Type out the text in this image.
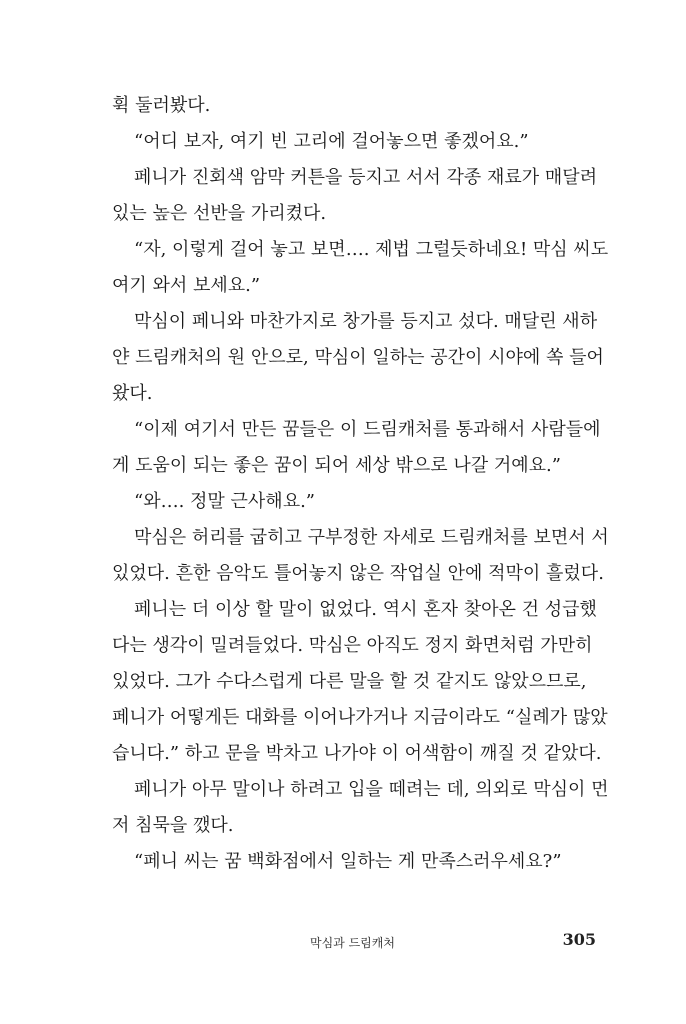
휙 둘러봤다.
“어디 보자, 여기 빈 고리에 걸어놓으면 좋겠어요.”
페니가 진회색 암막 커튼을 등지고 서서 각종 재료가 매달려
있는 높은 선반을 가리켰다.
“자, 이렇게 걸어 놓고 보면…. 제법 그럴듯하네요! 막심 씨도
여기 와서 보세요.”
막심이 페니와 마찬가지로 창가를 등지고 섰다. 매달린 새하
얀 드림캐처의 원 안으로, 막심이 일하는 공간이 시야에 쏙 들어
왔다.
“이제 여기서 만든 꿈들은 이 드림캐처를 통과해서 사람들에
게 도움이 되는 좋은 꿈이 되어 세상 밖으로 나갈 거예요.”
“와…. 정말 근사해요.”
막심은 허리를 굽히고 구부정한 자세로 드림캐처를 보면서 서
있었다. 흔한 음악도 틀어놓지 않은 작업실 안에 적막이 흘렀다.
페니는 더 이상 할 말이 없었다. 역시 혼자 찾아온 건 성급했
다는 생각이 밀려들었다. 막심은 아직도 정지 화면처럼 가만히
있었다. 그가 수다스럽게 다른 말을 할 것 같지도 않았으므로,
페니가 어떻게든 대화를 이어나가거나 지금이라도 “실례가 많았
습니다.” 하고 문을 박차고 나가야 이 어색함이 깨질 것 같았다.
페니가 아무 말이나 하려고 입을 떼려는 데, 의외로 막심이 먼
저 침묵을 깼다.
“페니 씨는 꿈 백화점에서 일하는 게 만족스러우세요?”
막심과 드림캐처	305
